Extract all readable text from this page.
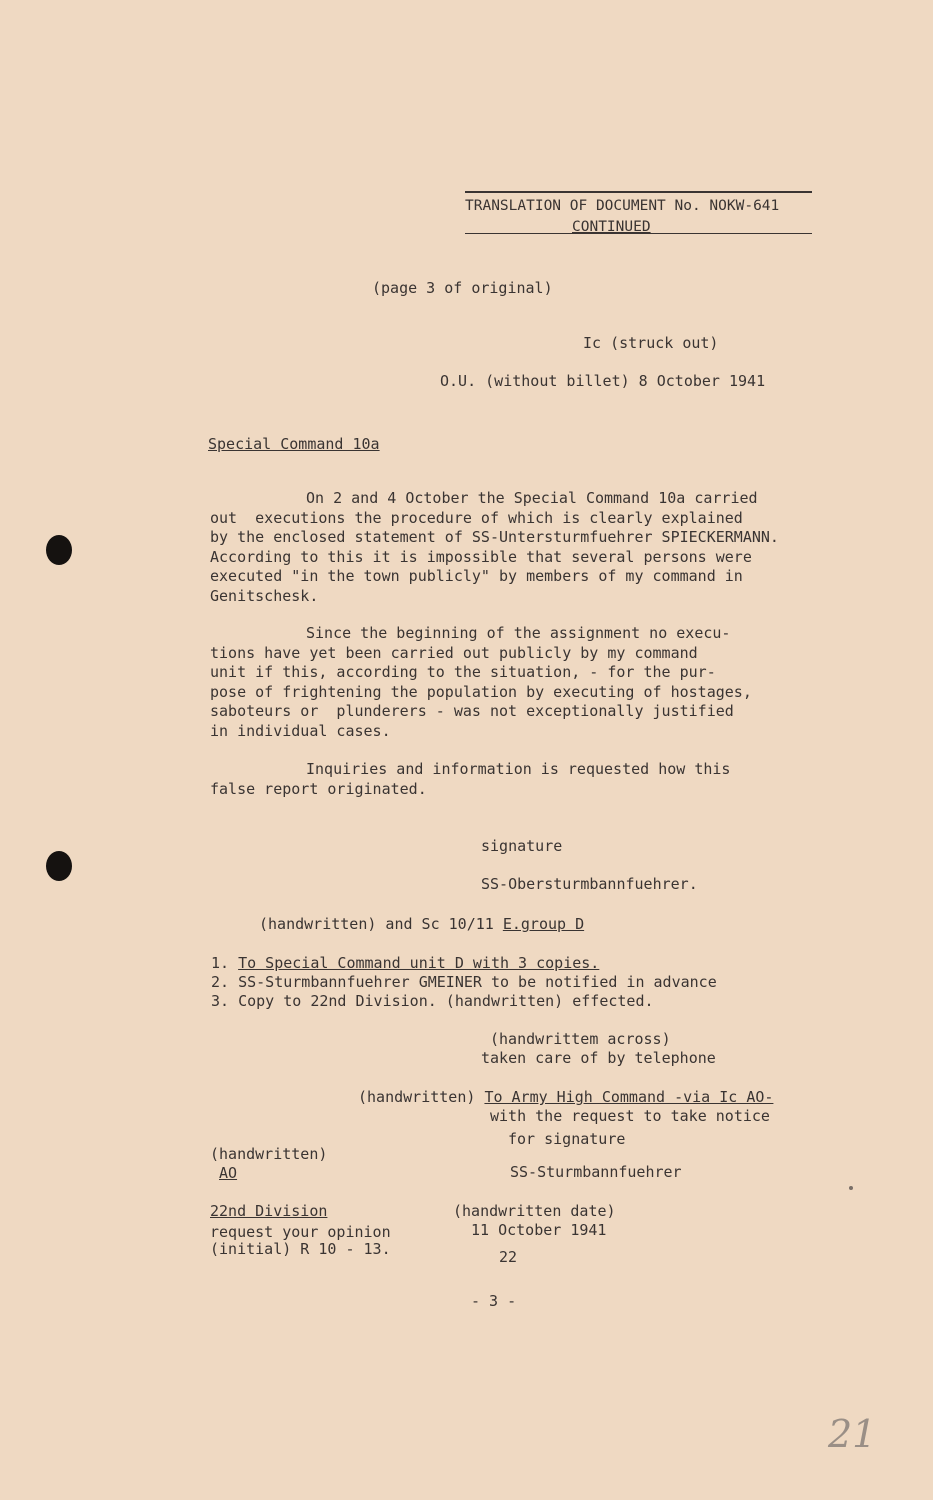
TRANSLATION OF DOCUMENT No. NOKW-641
CONTINUED
(page 3 of original)
Ic (struck out)
O.U. (without billet) 8 October 1941
Special Command 10a
On 2 and 4 October the Special Command 10a carried
out  executions the procedure of which is clearly explained
by the enclosed statement of SS-Untersturmfuehrer SPIECKERMANN.
According to this it is impossible that several persons were
executed "in the town publicly" by members of my command in
Genitschesk.
Since the beginning of the assignment no execu-
tions have yet been carried out publicly by my command
unit if this, according to the situation, - for the pur-
pose of frightening the population by executing of hostages,
saboteurs or  plunderers - was not exceptionally justified
in individual cases.
Inquiries and information is requested how this
false report originated.
signature
SS-Obersturmbannfuehrer.
(handwritten) and Sc 10/11 E.group D
1. To Special Command unit D with 3 copies.
2. SS-Sturmbannfuehrer GMEINER to be notified in advance
3. Copy to 22nd Division. (handwritten) effected.
(handwrittem across)
taken care of by telephone
(handwritten) To Army High Command -via Ic AO-
with the request to take notice
for signature
SS-Sturmbannfuehrer
(handwritten)
AO
22nd Division
request your opinion
(initial) R 10 - 13.
(handwritten date)
11 October 1941
22
- 3 -
21
